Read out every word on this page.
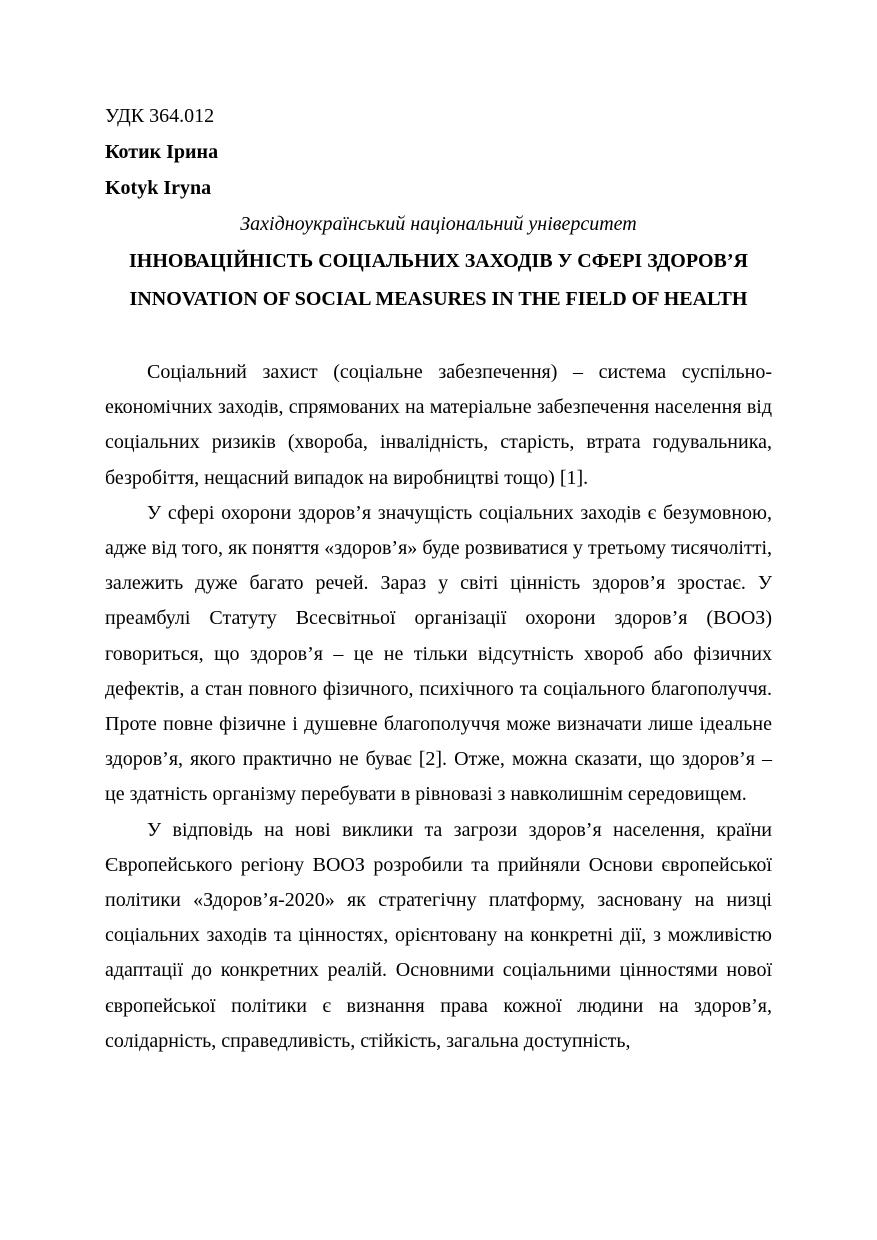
УДК 364.012

Котик Ірина

Kotyk Iryna

Західноукраїнський національний університет

ІННОВАЦІЙНІСТЬ СОЦІАЛЬНИХ ЗАХОДІВ У СФЕРІ ЗДОРОВ’Я

INNOVATION OF SOCIAL MEASURES IN THE FIELD OF HEALTH

Соціальний захист (соціальне забезпечення) – система суспільно-економічних заходів, спрямованих на матеріальне забезпечення населення від соціальних ризиків (хвороба, інвалідність, старість, втрата годувальника, безробіття, нещасний випадок на виробництві тощо) [1].

У сфері охорони здоров’я значущість соціальних заходів є безумовною, адже від того, як поняття «здоров’я» буде розвиватися у третьому тисячолітті, залежить дуже багато речей. Зараз у світі цінність здоров’я зростає. У преамбулі Статуту Всесвітньої організації охорони здоров’я (ВООЗ) говориться, що здоров’я – це не тільки відсутність хвороб або фізичних дефектів, а стан повного фізичного, психічного та соціального благополуччя. Проте повне фізичне і душевне благополуччя може визначати лише ідеальне здоров’я, якого практично не буває [2]. Отже, можна сказати, що здоров’я – це здатність організму перебувати в рівновазі з навколишнім середовищем.

У відповідь на нові виклики та загрози здоров’я населення, країни Європейського регіону ВООЗ розробили та прийняли Основи європейської політики «Здоров’я-2020» як стратегічну платформу, засновану на низці соціальних заходів та цінностях, орієнтовану на конкретні дії, з можливістю адаптації до конкретних реалій. Основними соціальними цінностями нової європейської політики є визнання права кожної людини на здоров’я, солідарність, справедливість, стійкість, загальна доступність,
